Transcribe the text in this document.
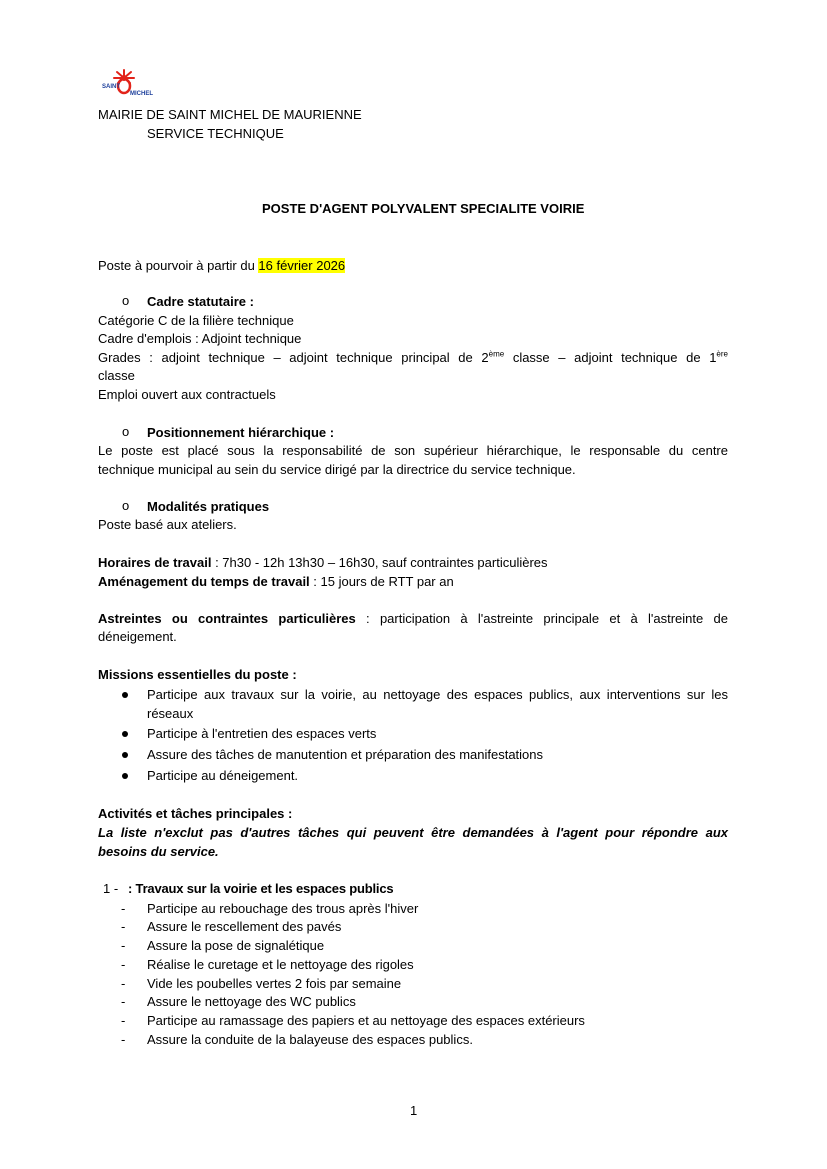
SAINT
MICHEL
MAIRIE DE SAINT MICHEL DE MAURIENNE
SERVICE TECHNIQUE
POSTE D'AGENT POLYVALENT SPECIALITE VOIRIE
Poste à pourvoir à partir du 16 février 2026
o Cadre statutaire :
Catégorie C de la filière technique
Cadre d'emplois : Adjoint technique
Grades : adjoint technique – adjoint technique principal de 2ème classe – adjoint technique de 1ère
classe
Emploi ouvert aux contractuels
o Positionnement hiérarchique :
Le poste est placé sous la responsabilité de son supérieur hiérarchique, le responsable du centre
technique municipal au sein du service dirigé par la directrice du service technique.
o Modalités pratiques
Poste basé aux ateliers.
Horaires de travail : 7h30 - 12h 13h30 – 16h30, sauf contraintes particulières
Aménagement du temps de travail : 15 jours de RTT par an
Astreintes ou contraintes particulières : participation à l'astreinte principale et à l'astreinte de
déneigement.
Missions essentielles du poste :
Participe aux travaux sur la voirie, au nettoyage des espaces publics, aux interventions sur les
réseaux
Participe à l'entretien des espaces verts
Assure des tâches de manutention et préparation des manifestations
Participe au déneigement.
Activités et tâches principales :
La liste n'exclut pas d'autres tâches qui peuvent être demandées à l'agent pour répondre aux
besoins du service.
1 - : Travaux sur la voirie et les espaces publics
- Participe au rebouchage des trous après l'hiver
- Assure le rescellement des pavés
- Assure la pose de signalétique
- Réalise le curetage et le nettoyage des rigoles
- Vide les poubelles vertes 2 fois par semaine
- Assure le nettoyage des WC publics
- Participe au ramassage des papiers et au nettoyage des espaces extérieurs
- Assure la conduite de la balayeuse des espaces publics.
1
